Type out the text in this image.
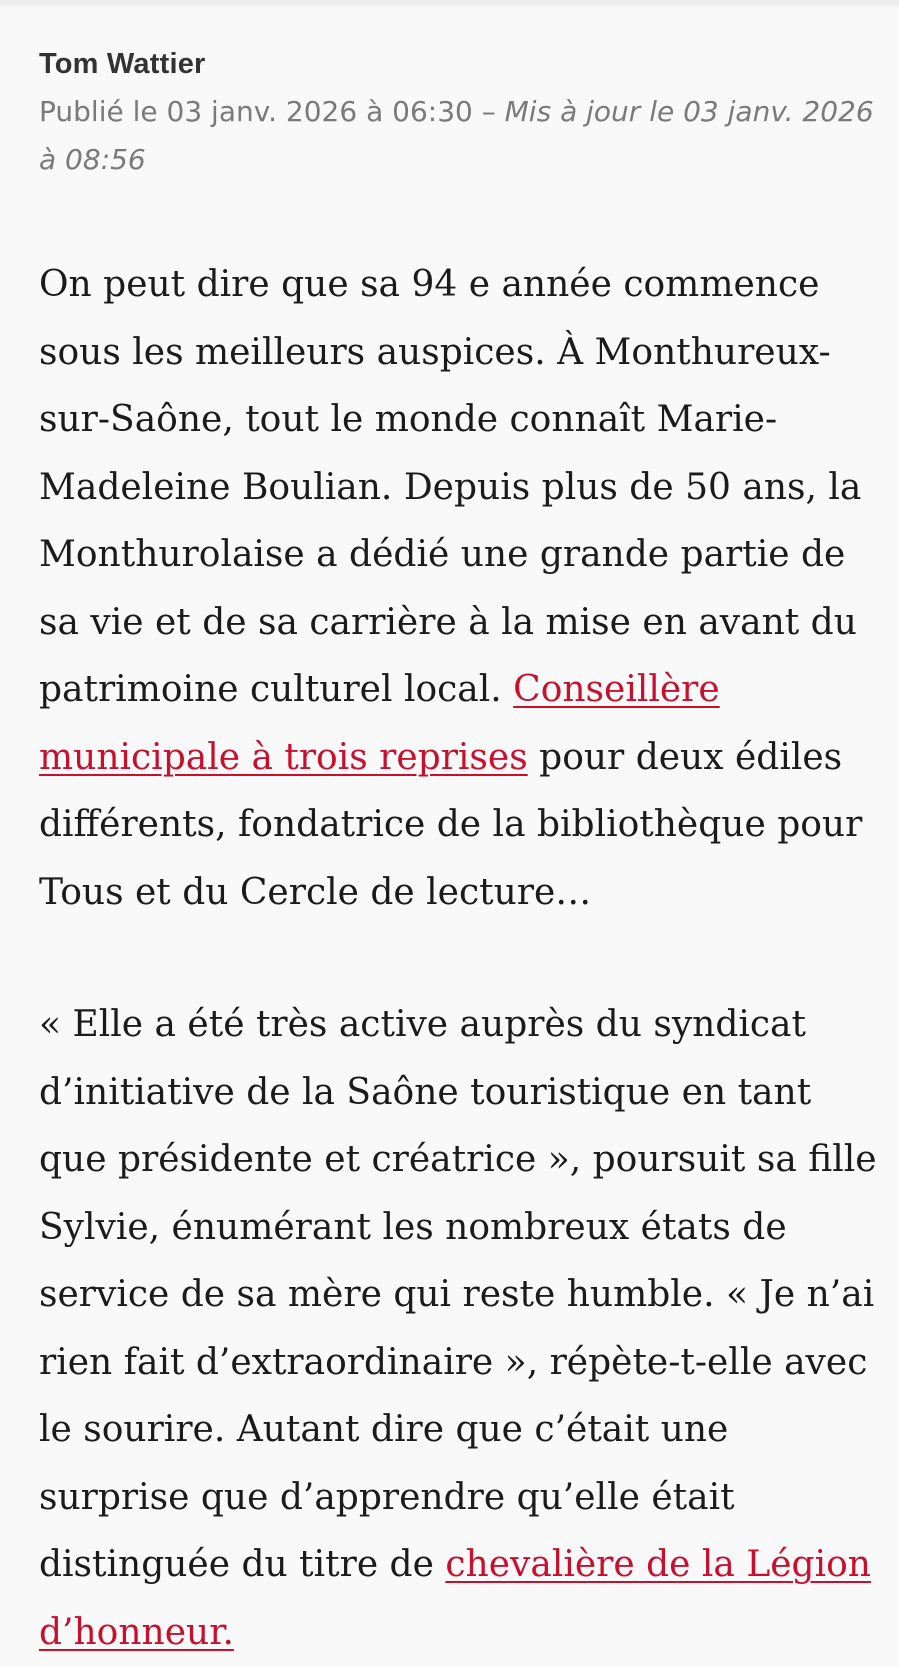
Tom Wattier

Publié le 03 janv. 2026 à 06:30 – Mis à jour le 03 janv. 2026 à 08:56

On peut dire que sa 94 e année commence sous les meilleurs auspices. À Monthureux-sur-Saône, tout le monde connaît Marie-Madeleine Boulian. Depuis plus de 50 ans, la Monthurolaise a dédié une grande partie de sa vie et de sa carrière à la mise en avant du patrimoine culturel local. Conseillère municipale à trois reprises pour deux édiles différents, fondatrice de la bibliothèque pour Tous et du Cercle de lecture…

« Elle a été très active auprès du syndicat d’initiative de la Saône touristique en tant que présidente et créatrice », poursuit sa fille Sylvie, énumérant les nombreux états de service de sa mère qui reste humble. « Je n’ai rien fait d’extraordinaire », répète-t-elle avec le sourire. Autant dire que c’était une surprise que d’apprendre qu’elle était distinguée du titre de chevalière de la Légion d’honneur.
